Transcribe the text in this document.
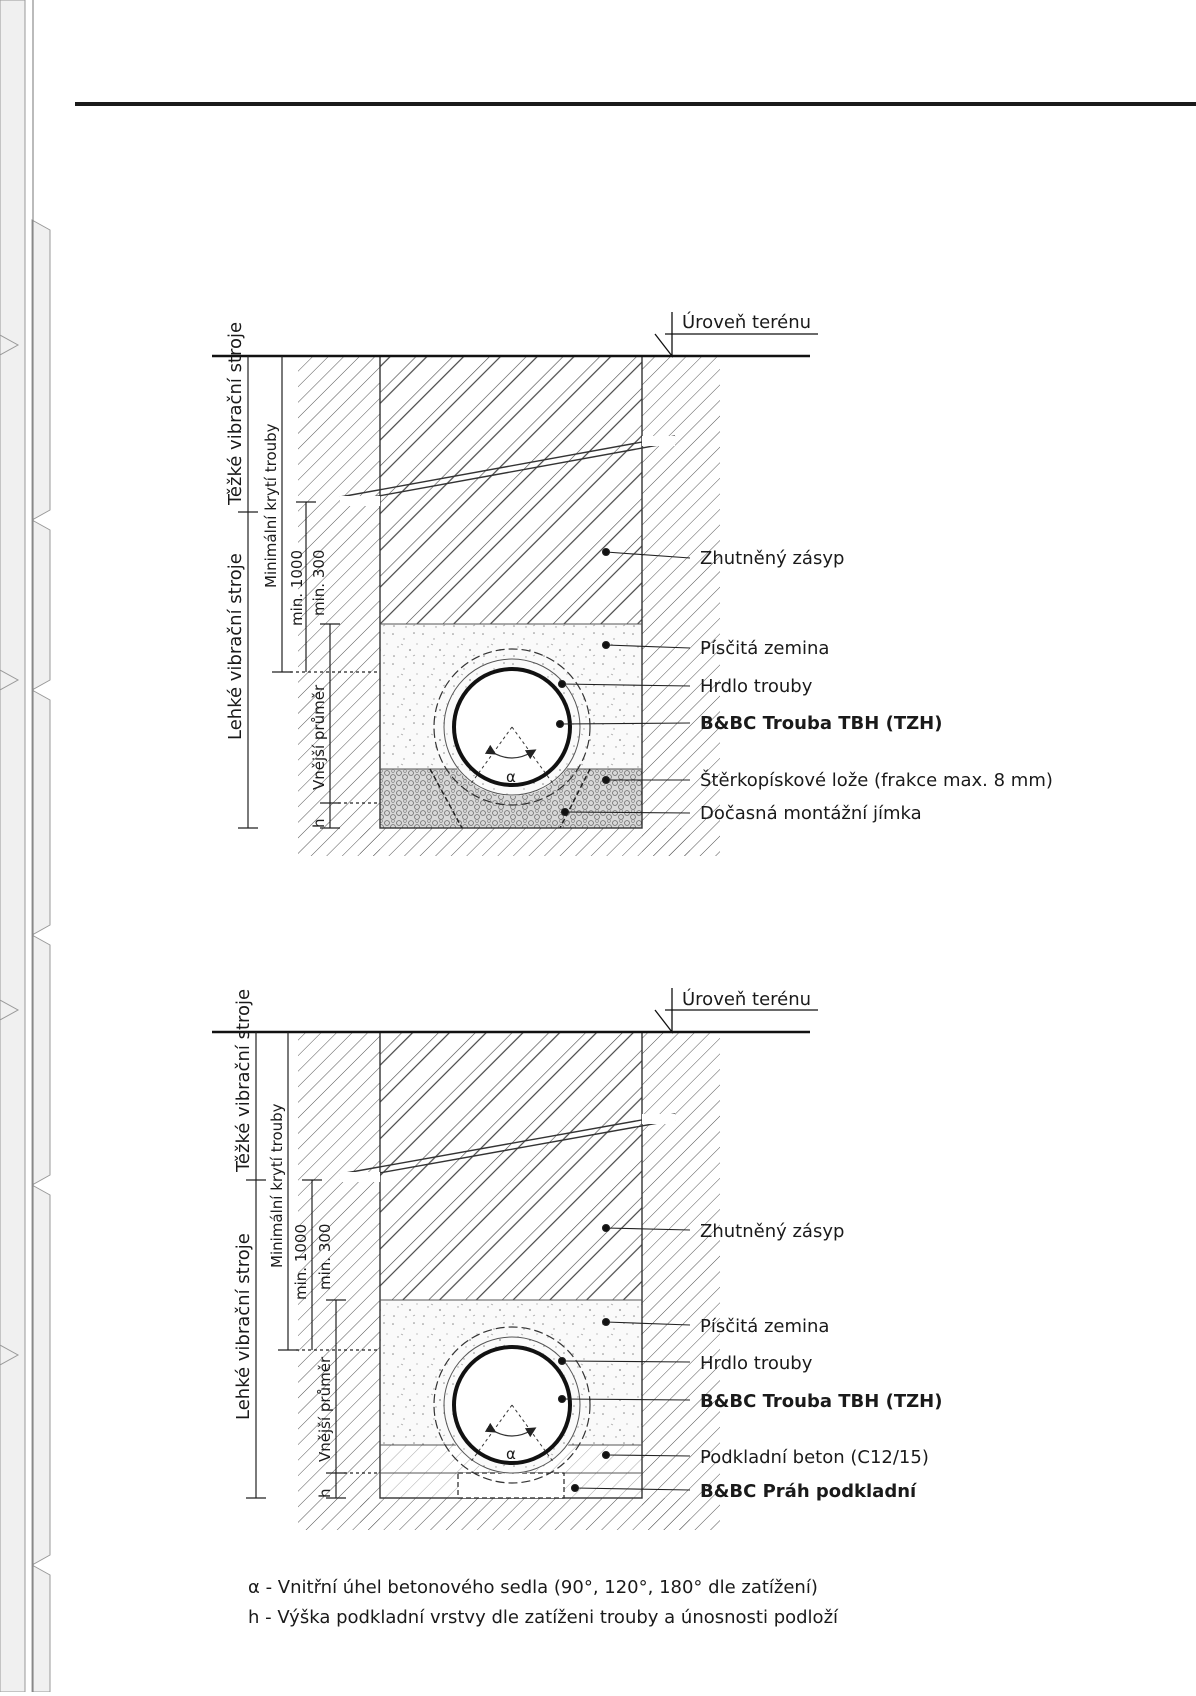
α
Úroveň terénu
Zhutněný zásyp
Písčitá zemina
Hrdlo trouby
B&BC Trouba TBH (TZH)
Štěrkopískové lože (frakce max. 8 mm)
Dočasná montážní jímka
Lehké vibrační stroje
Těžké vibrační stroje
Minimální krytí trouby min. 1000 min. 300
Vnější průměr
h
α
Úroveň terénu
Zhutněný zásyp
Písčitá zemina
Hrdlo trouby
B&BC Trouba TBH (TZH)
Podkladní beton (C12/15)
B&BC Práh podkladní
Lehké vibrační stroje
Těžké vibrační stroje
Minimální krytí trouby min. 1000 min. 300
Vnější průměr
h
α - Vnitřní úhel betonového sedla (90°, 120°, 180° dle zatížení)
h - Výška podkladní vrstvy dle zatíženi trouby a únosnosti podloží
